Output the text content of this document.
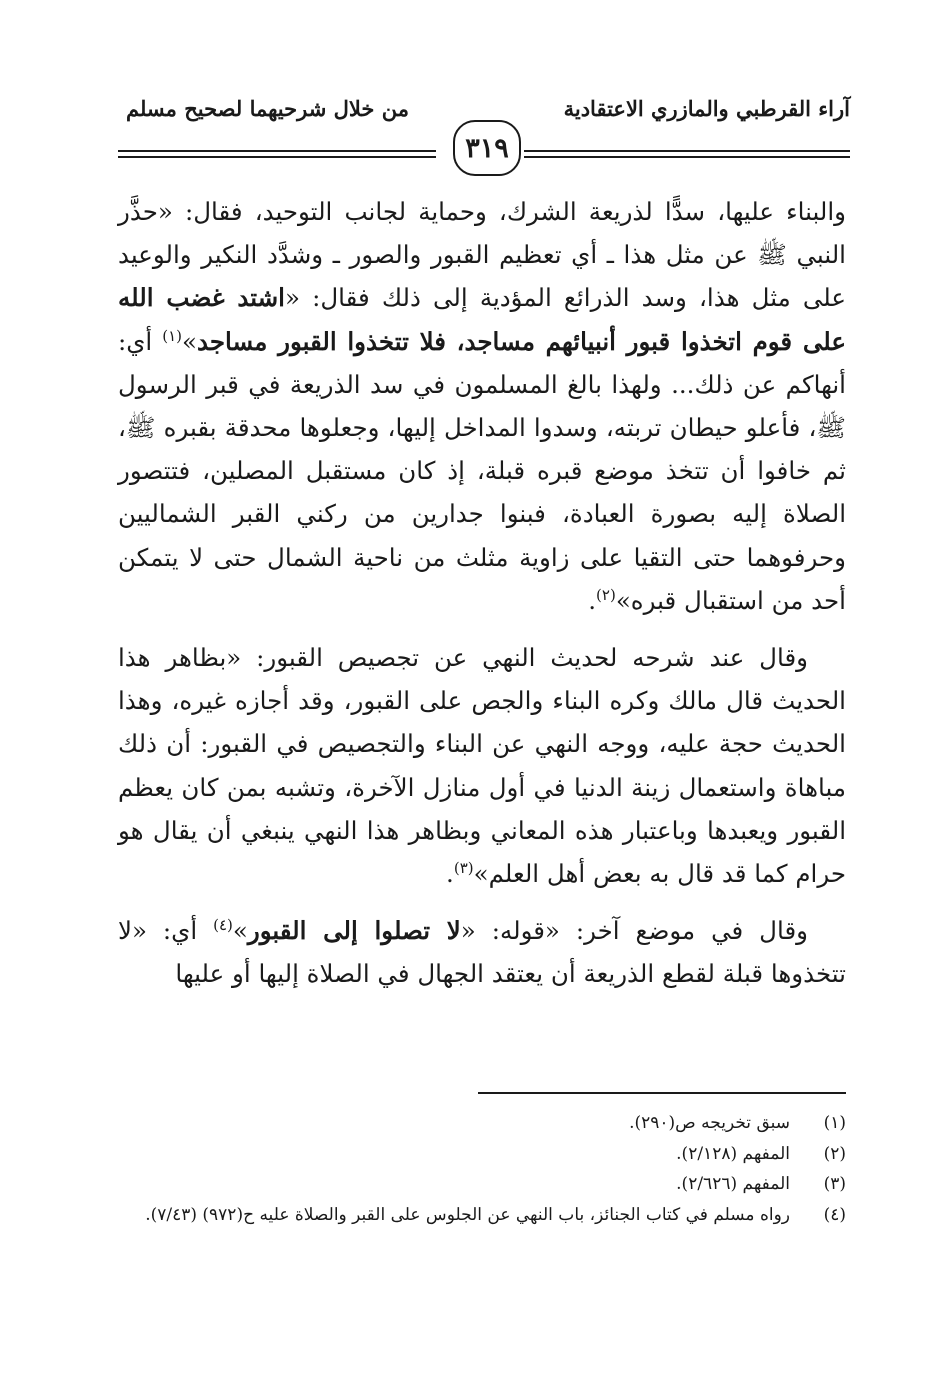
آراء القرطبي والمازري الاعتقادية
من خلال شرحيهما لصحيح مسلم
٣١٩

والبناء عليها، سدًّا لذريعة الشرك، وحماية لجانب التوحيد، فقال: «حذَّر النبي ﷺ عن مثل هذا ـ أي تعظيم القبور والصور ـ وشدَّد النكير والوعيد على مثل هذا، وسد الذرائع المؤدية إلى ذلك فقال: «اشتد غضب الله على قوم اتخذوا قبور أنبيائهم مساجد، فلا تتخذوا القبور مساجد»$^{(١)}$ أي: أنهاكم عن ذلك... ولهذا بالغ المسلمون في سد الذريعة في قبر الرسول ﷺ، فأعلو حيطان تربته، وسدوا المداخل إليها، وجعلوها محدقة بقبره ﷺ، ثم خافوا أن تتخذ موضع قبره قبلة، إذ كان مستقبل المصلين، فتتصور الصلاة إليه بصورة العبادة، فبنوا جدارين من ركني القبر الشماليين وحرفوهما حتى التقيا على زاوية مثلث من ناحية الشمال حتى لا يتمكن أحد من استقبال قبره»$^{(٢)}$.

وقال عند شرحه لحديث النهي عن تجصيص القبور: «بظاهر هذا الحديث قال مالك وكره البناء والجص على القبور، وقد أجازه غيره، وهذا الحديث حجة عليه، ووجه النهي عن البناء والتجصيص في القبور: أن ذلك مباهاة واستعمال زينة الدنيا في أول منازل الآخرة، وتشبه بمن كان يعظم القبور ويعبدها وباعتبار هذه المعاني وبظاهر هذا النهي ينبغي أن يقال هو حرام كما قد قال به بعض أهل العلم»$^{(٣)}$.

وقال في موضع آخر: «قوله: «لا تصلوا إلى القبور»$^{(٤)}$ أي: «لا تتخذوها قبلة لقطع الذريعة أن يعتقد الجهال في الصلاة إليها أو عليها

(١)
سبق تخريجه ص(٢٩٠).
(٢)
المفهم (٢/١٢٨).
(٣)
المفهم (٢/٦٢٦).
(٤)
رواه مسلم في كتاب الجنائز، باب النهي عن الجلوس على القبر والصلاة عليه ح(٩٧٢) (٧/٤٣).
